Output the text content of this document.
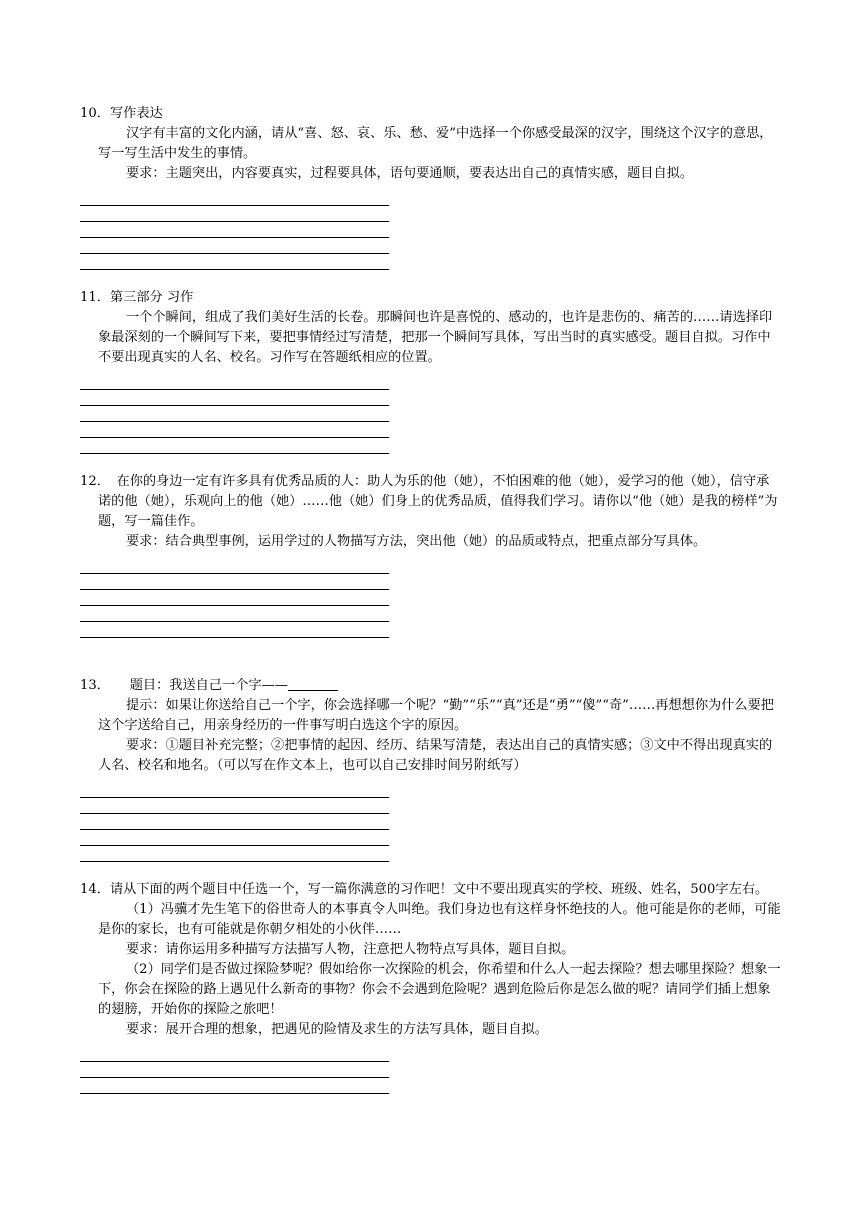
10．写作表达

汉字有丰富的文化内涵，请从“喜、怒、哀、乐、愁、爱”中选择一个你感受最深的汉字，围绕这个汉字的意思，写一写生活中发生的事情。

要求：主题突出，内容要真实，过程要具体，语句要通顺，要表达出自己的真情实感，题目自拟。

11．第三部分 习作

一个个瞬间，组成了我们美好生活的长卷。那瞬间也许是喜悦的、感动的，也许是悲伤的、痛苦的……请选择印象最深刻的一个瞬间写下来，要把事情经过写清楚，把那一个瞬间写具体，写出当时的真实感受。题目自拟。习作中不要出现真实的人名、校名。习作写在答题纸相应的位置。

12．　在你的身边一定有许多具有优秀品质的人：助人为乐的他（她），不怕困难的他（她），爱学习的他（她），信守承诺的他（她），乐观向上的他（她）……他（她）们身上的优秀品质，值得我们学习。请你以“他（她）是我的榜样”为题，写一篇佳作。

要求：结合典型事例，运用学过的人物描写方法，突出他（她）的品质或特点，把重点部分写具体。

13．　　题目：我送自己一个字——

提示：如果让你送给自己一个字，你会选择哪一个呢？“勤”“乐”“真”还是“勇”“傻”“奇”……再想想你为什么要把这个字送给自己，用亲身经历的一件事写明白选这个字的原因。

要求：①题目补充完整；②把事情的起因、经历、结果写清楚，表达出自己的真情实感；③文中不得出现真实的人名、校名和地名。（可以写在作文本上，也可以自己安排时间另附纸写）

14．请从下面的两个题目中任选一个，写一篇你满意的习作吧！文中不要出现真实的学校、班级、姓名，500字左右。

（1）冯骥才先生笔下的俗世奇人的本事真令人叫绝。我们身边也有这样身怀绝技的人。他可能是你的老师，可能是你的家长，也有可能就是你朝夕相处的小伙伴……

要求：请你运用多种描写方法描写人物，注意把人物特点写具体，题目自拟。

（2）同学们是否做过探险梦呢？假如给你一次探险的机会，你希望和什么人一起去探险？想去哪里探险？想象一下，你会在探险的路上遇见什么新奇的事物？你会不会遇到危险呢？遇到危险后你是怎么做的呢？请同学们插上想象的翅膀，开始你的探险之旅吧！

要求：展开合理的想象，把遇见的险情及求生的方法写具体，题目自拟。
